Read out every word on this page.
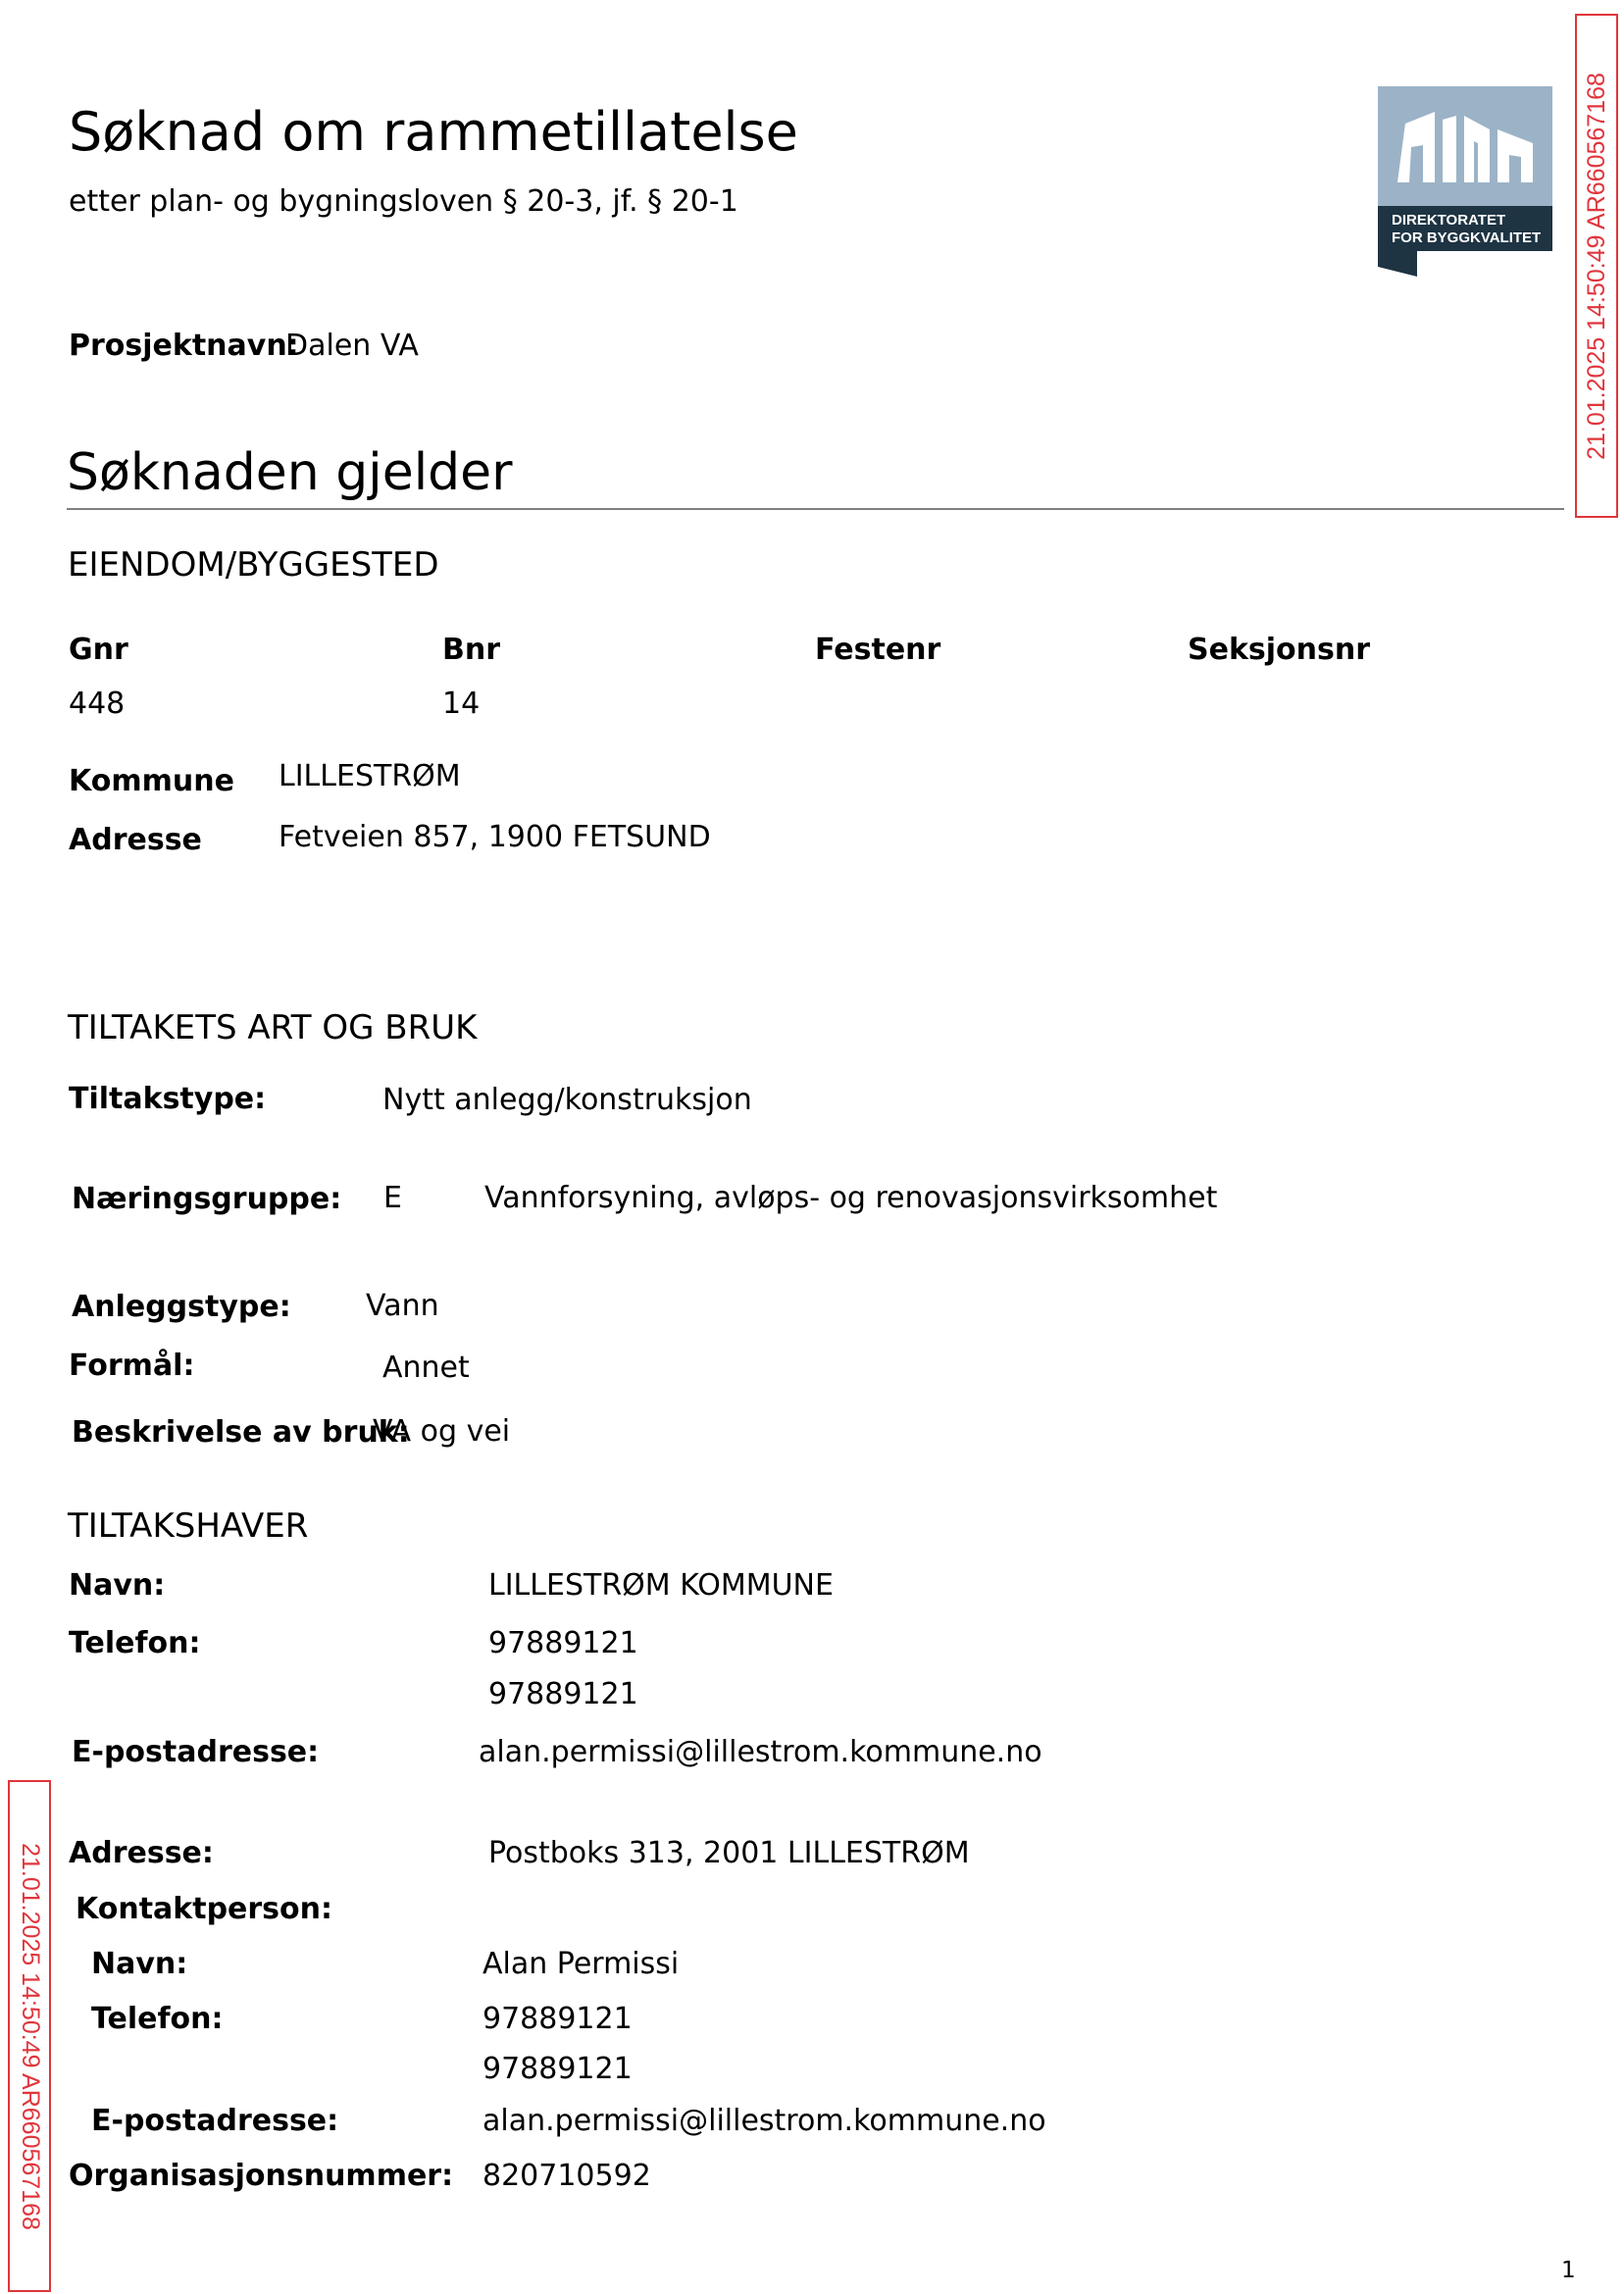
Søknad om rammetillatelse
etter plan- og bygningsloven § 20-3, jf. § 20-1
DIREKTORATET
FOR BYGGKVALITET
Prosjektnavn:
Dalen VA
Søknaden gjelder
EIENDOM/BYGGESTED
Gnr	Bnr	Festenr	Seksjonsnr
448	14
Kommune LILLESTRØM
Adresse	Fetveien 857, 1900 FETSUND
TILTAKETS ART OG BRUK
Tiltakstype:	Nytt anlegg/konstruksjon
Næringsgruppe: E	Vannforsyning, avløps- og renovasjonsvirksomhet
Anleggstype:	Vann
Formål:	Annet
Beskrivelse av bruk:
VA og vei
TILTAKSHAVER
Navn:	LILLESTRØM KOMMUNE
Telefon:	97889121
97889121
E-postadresse:	alan.permissi@lillestrom.kommune.no
Adresse:	Postboks 313, 2001 LILLESTRØM
Kontaktperson:
Navn:	Alan Permissi
Telefon:	97889121
97889121
E-postadresse:	alan.permissi@lillestrom.kommune.no
Organisasjonsnummer: 820710592
1
21.01.2025 14:50:49 AR660567168
21.01.2025 14:50:49 AR660567168
